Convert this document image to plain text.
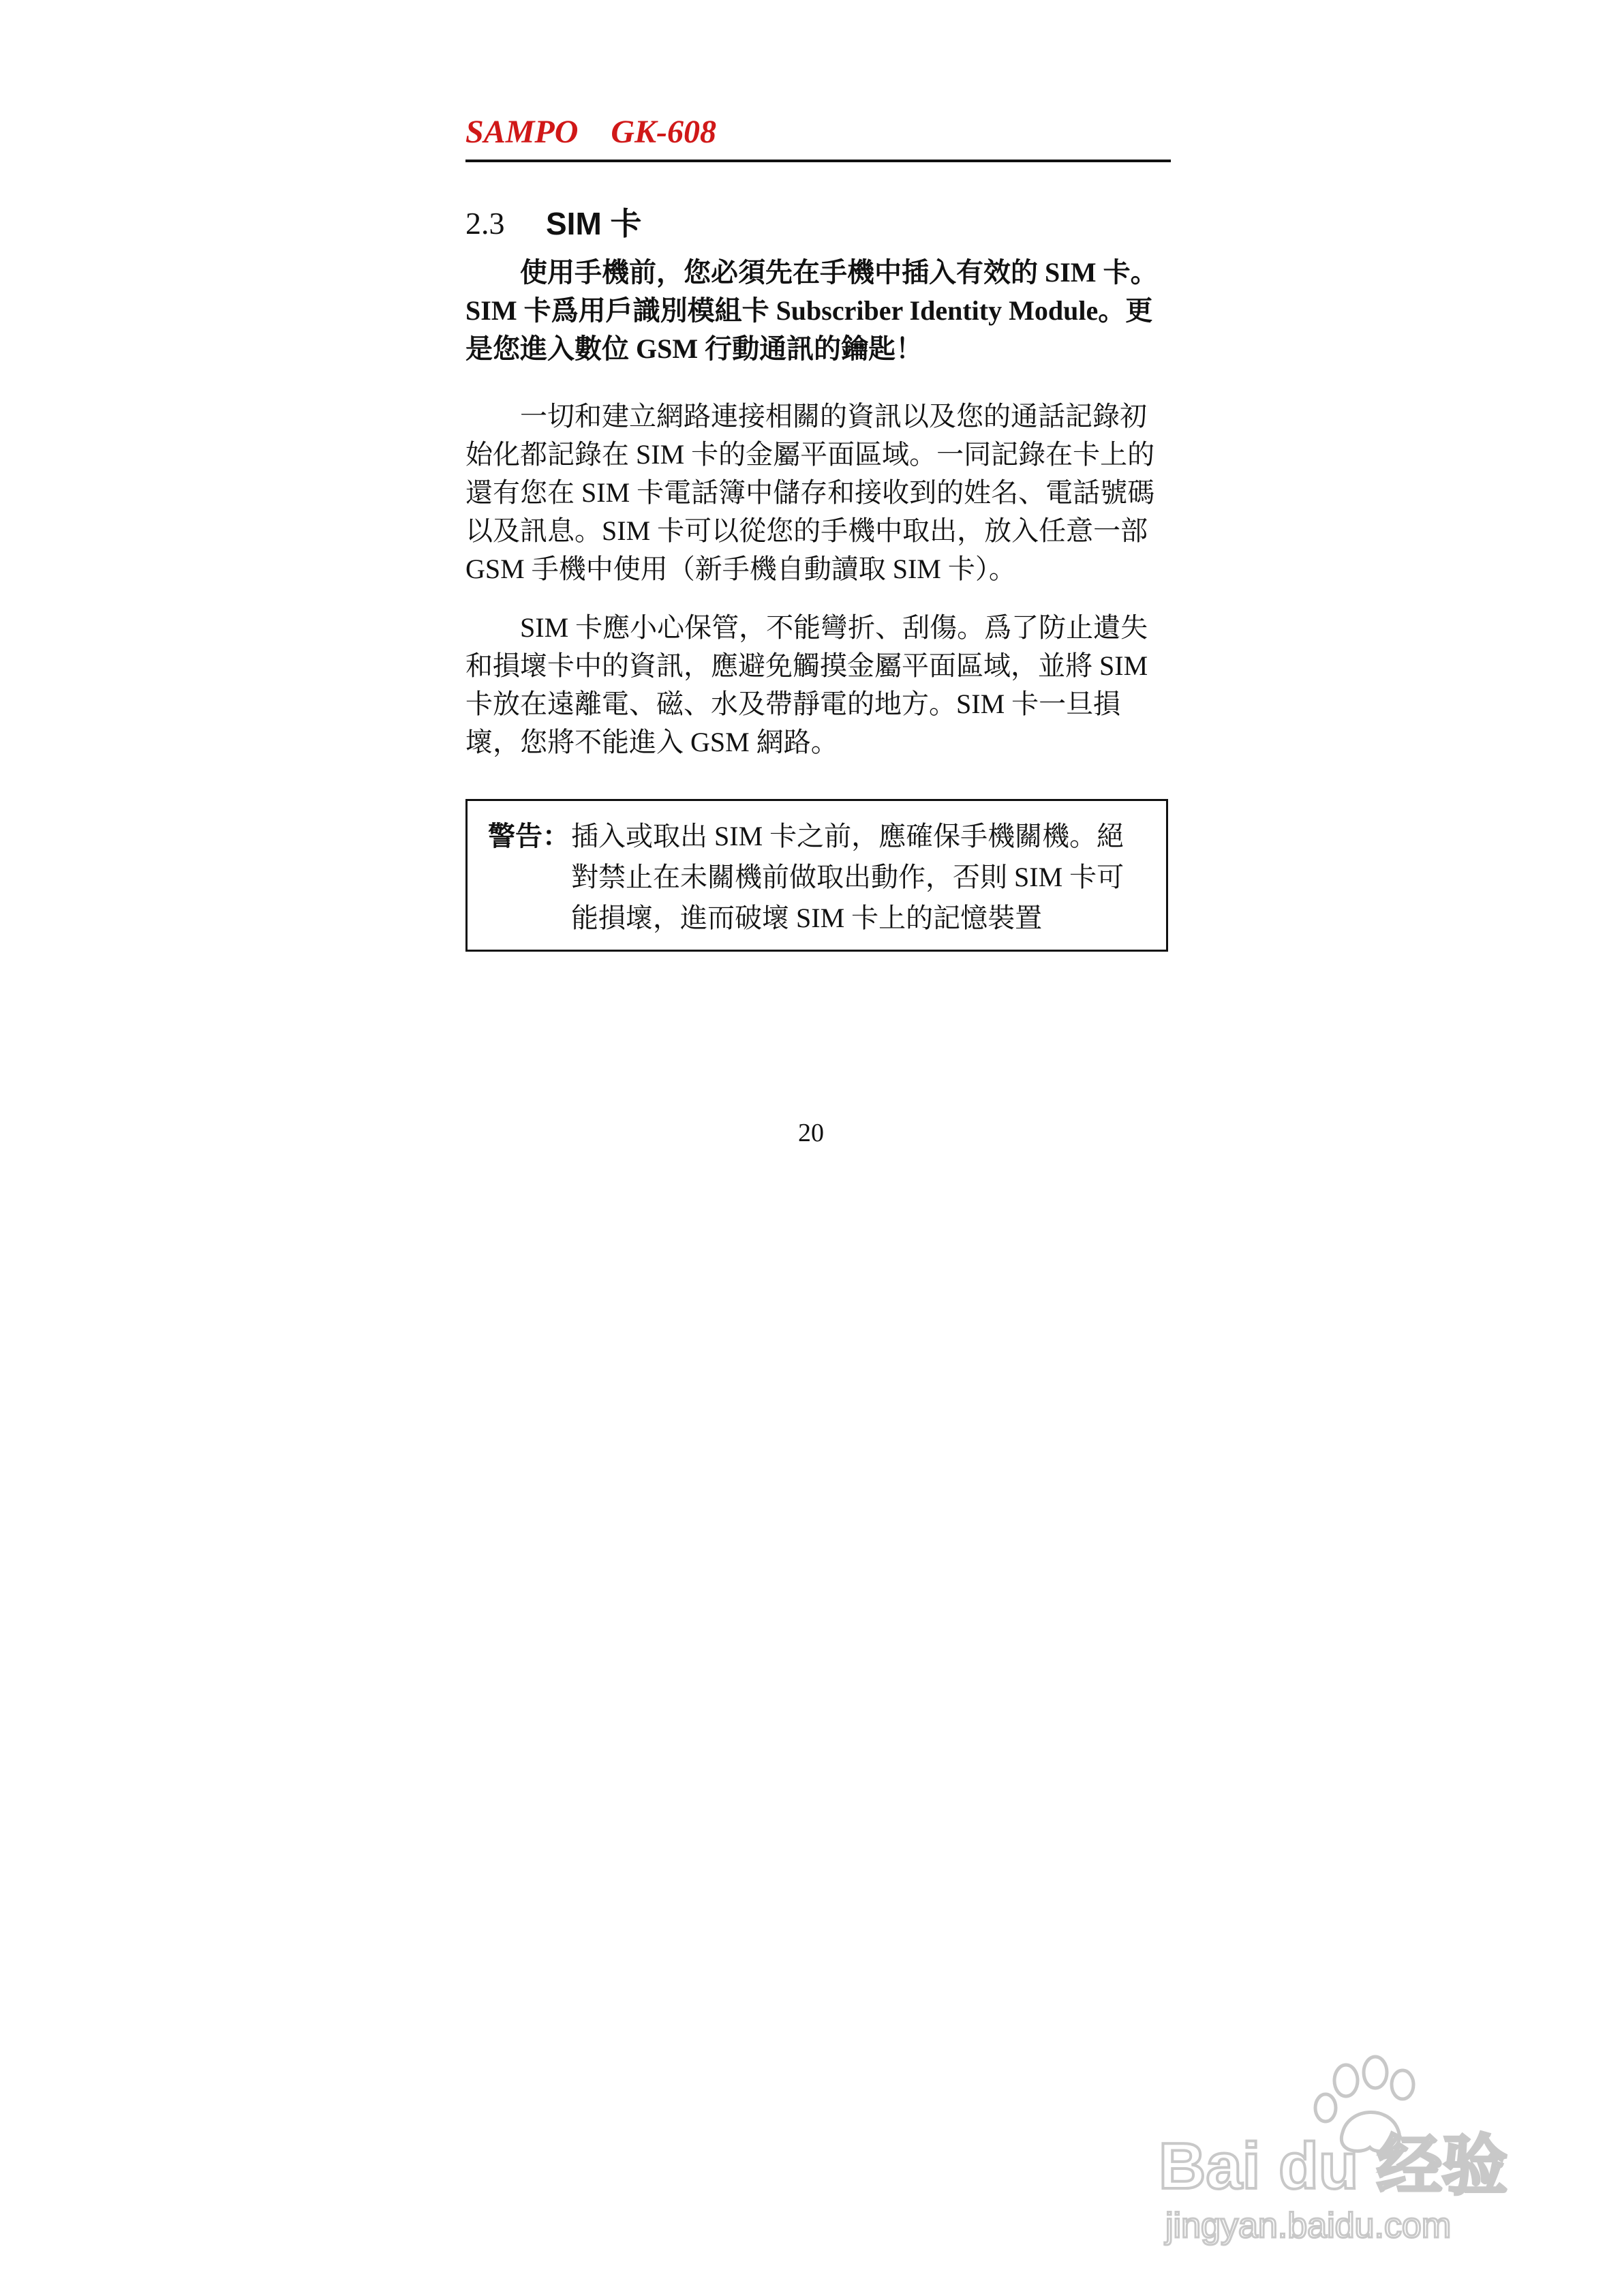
SAMPO    GK-608
2.3 SIM 卡

使用手機前，您必須先在手機中插入有效的 SIM 卡。SIM 卡爲用戶識別模組卡 Subscriber Identity Module。更是您進入數位 GSM 行動通訊的鑰匙！

一切和建立網路連接相關的資訊以及您的通話記錄初始化都記錄在 SIM 卡的金屬平面區域。一同記錄在卡上的還有您在 SIM 卡電話簿中儲存和接收到的姓名、電話號碼以及訊息。SIM 卡可以從您的手機中取出，放入任意一部 GSM 手機中使用（新手機自動讀取 SIM 卡）。

SIM 卡應小心保管，不能彎折、刮傷。爲了防止遺失和損壞卡中的資訊，應避免觸摸金屬平面區域，並將 SIM 卡放在遠離電、磁、水及帶靜電的地方。SIM 卡一旦損壞，您將不能進入 GSM 網路。

警告： 插入或取出 SIM 卡之前，應確保手機關機。絕對禁止在未關機前做取出動作，否則 SIM 卡可能損壞，進而破壞 SIM 卡上的記憶裝置
20
Bai du 经验
jingyan.baidu.com
